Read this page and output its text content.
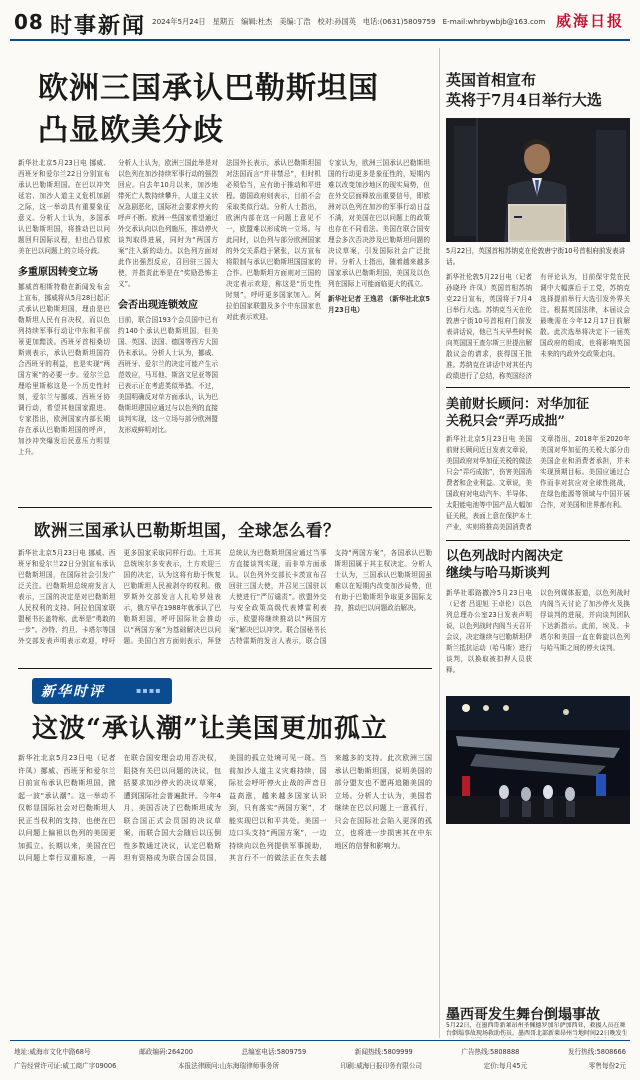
08 时事新闻 2024年5月24日 星期五 编辑:杜杰 美编:丁浩 校对:孙国英 电话:(0631)5809759 E-mail:whrbywbjb@163.com 威海日报
欧洲三国承认巴勒斯坦国
凸显欧美分歧
新华社北京5月23日电 挪威、西班牙和爱尔兰22日分别宣布承认巴勒斯坦国。在巴以冲突延宕、加沙人道主义危机加剧之际，这一举动具有重要象征意义。分析人士认为，多国承认巴勒斯坦国，将推动巴以问题回归国际议程，但也凸显欧美在巴以问题上的立场分歧。
多重原因转变立场
挪威首相斯特勒在新闻发布会上宣布，挪威将从5月28日起正式承认巴勒斯坦国，理由是巴勒斯坦人民有自决权，而以色列持续军事行动让中东和平前景更加黯淡。西班牙首相桑切斯则表示，承认巴勒斯坦国符合西班牙的利益，也是实现“两国方案”的必要一步。爱尔兰总理哈里斯称这是一个历史性时刻，爱尔兰与挪威、西班牙协调行动，希望其他国家跟进。专家指出，欧洲国家内部长期存在承认巴勒斯坦国的呼声，加沙冲突爆发后民意压力明显上升。
分析人士认为，欧洲三国此举是对以色列在加沙持续军事行动的强烈回应。自去年10月以来，加沙地带死亡人数持续攀升，人道主义状况急剧恶化，国际社会要求停火的呼声不断。欧洲一些国家希望通过外交承认向以色列施压，推动停火谈判取得进展，同时为“两国方案”注入新的动力。以色列方面对此作出强烈反应，召回驻三国大使，并指责此举是在“奖励恐怖主义”。
会否出现连锁效应
目前，联合国193个会员国中已有约140个承认巴勒斯坦国，但美国、英国、法国、德国等西方大国仍未承认。分析人士认为，挪威、西班牙、爱尔兰的决定可能产生示范效应，马耳他、斯洛文尼亚等国已表示正在考虑类似举措。不过，美国明确反对单方面承认，认为巴勒斯坦建国应通过与以色列的直接谈判实现，这一立场与部分欧洲盟友形成鲜明对比。
法国外长表示，承认巴勒斯坦国对法国而言“并非禁忌”，但时机必须恰当，应有助于推动和平进程。德国政府则表示，目前不会采取类似行动。分析人士指出，欧洲内部在这一问题上意见不一，欧盟难以形成统一立场。与此同时，以色列与部分欧洲国家的外交关系趋于紧张，以方宣布将限制与承认巴勒斯坦国国家的合作。巴勒斯坦方面则对三国的决定表示欢迎，称这是“历史性时刻”，呼吁更多国家加入。阿拉伯国家联盟及多个中东国家也对此表示欢迎。
专家认为，欧洲三国承认巴勒斯坦国的行动更多是象征性的，短期内难以改变加沙地区的现实局势，但在外交层面释放出重要信号，即欧洲对以色列在加沙的军事行动日益不满，对美国在巴以问题上的政策也存在不同看法。美国在联合国安理会多次否决涉及巴勒斯坦问题的决议草案，引发国际社会广泛批评。分析人士指出，随着越来越多国家承认巴勒斯坦国，美国及以色列在国际上可能面临更大的孤立。
新华社记者 王逸君 （新华社北京5月23日电）
英国首相宣布
英将于7月4日举行大选
5月22日，英国首相苏纳克在伦敦唐宁街10号首相府前发表讲话。
新华社伦敦5月22日电（记者 孙晓玲 许凤）英国首相苏纳克22日宣布，英国将于7月4日举行大选。苏纳克当天在伦敦唐宁街10号首相府门前发表讲话说，他已当天早些时候向英国国王查尔斯三世提出解散议会的请求，获得国王批准。苏纳克在讲话中对其任内政绩进行了总结，称英国经济
有评论认为，目前保守党在民调中大幅落后于工党，苏纳克选择提前举行大选引发外界关注。根据英国法律，本届议会最晚需在今年12月17日前解散。此次选举将决定下一届英国政府的组成，也将影响英国未来的内政外交政策走向。
欧洲三国承认巴勒斯坦国，全球怎么看？
新华社北京5月23日电 挪威、西班牙和爱尔兰22日分别宣布承认巴勒斯坦国，在国际社会引发广泛关注。巴勒斯坦总统府发言人表示，三国的决定是对巴勒斯坦人民权利的支持。阿拉伯国家联盟秘书长盖特称，此举是“勇敢的一步”。沙特、约旦、卡塔尔等国外交部发表声明表示欢迎，呼吁更多国家采取同样行动。土耳其总统埃尔多安表示，土方欢迎三国的决定，认为这将有助于恢复巴勒斯坦人民被剥夺的权利。俄罗斯外交部发言人扎哈罗娃表示，俄方早在1988年就承认了巴勒斯坦国，呼吁国际社会推动以“两国方案”为基础解决巴以问题。美国白宫方面则表示，拜登总统认为巴勒斯坦国应通过当事方直接谈判实现，而非单方面承认。以色列外交部长卡茨宣布召回驻三国大使，并召见三国驻以大使进行“严厉谴责”。欧盟外交与安全政策高级代表博雷利表示，欧盟将继续推动以“两国方案”解决巴以冲突。联合国秘书长古特雷斯的发言人表示，联合国支持“两国方案”，各国承认巴勒斯坦国属于其主权决定。分析人士认为，三国承认巴勒斯坦国虽难以在短期内改变加沙局势，但有助于巴勒斯坦争取更多国际支持，推动巴以问题政治解决。
新华时评	▪▪▪▪
这波“承认潮”让美国更加孤立
新华社北京5月23日电（记者 许凤）挪威、西班牙和爱尔兰日前宣布承认巴勒斯坦国，掀起一波“承认潮”。这一举动不仅彰显国际社会对巴勒斯坦人民正当权利的支持，也使在巴以问题上偏袒以色列的美国更加孤立。长期以来，美国在巴以问题上奉行双重标准，一再在联合国安理会动用否决权，阻挠有关巴以问题的决议，包括要求加沙停火的决议草案，遭到国际社会普遍批评。今年4月，美国否决了巴勒斯坦成为联合国正式会员国的决议草案，而联合国大会随后以压倒性多数通过决议，认定巴勒斯坦有资格成为联合国会员国，美国的孤立处境可见一斑。当前加沙人道主义灾难持续，国际社会呼吁停火止战的声音日益高涨，越来越多国家认识到，只有落实“两国方案”，才能实现巴以和平共处。美国一边口头支持“两国方案”，一边持续向以色列提供军事援助，其言行不一的做法正在失去越来越多的支持。此次欧洲三国承认巴勒斯坦国，说明美国的部分盟友也不愿再追随美国的立场。分析人士认为，美国若继续在巴以问题上一意孤行，只会在国际社会陷入更深的孤立，也将进一步损害其在中东地区的信誉和影响力。
美前财长顾问：对华加征
关税只会“弄巧成拙”
新华社北京5月23日电 美国前财长顾问近日发表文章说，美国政府对华加征关税的做法只会“弄巧成拙”，伤害美国消费者和企业利益。文章说，美国政府对电动汽车、半导体、太阳能电池等中国产品大幅加征关税，表面上意在保护本土产业，实则将推高美国消费者
文章指出，2018年至2020年美国对华加征的关税大部分由美国企业和消费者承担，并未实现预期目标。美国应通过合作而非对抗应对全球性挑战，在绿色能源等领域与中国开展合作，对美国和世界都有利。
以色列战时内阁决定
继续与哈马斯谈判
新华社耶路撒冷5月23日电（记者 吕迎旭 王卓伦）以色列总理办公室23日发表声明说，以色列战时内阁当天召开会议，决定继续与巴勒斯坦伊斯兰抵抗运动（哈马斯）进行谈判，以换取被扣押人员获释。
以色列媒体报道，以色列战时内阁当天讨论了加沙停火及换俘谈判的进展，并向谈判团队下达新指示。此前，埃及、卡塔尔和美国一直在斡旋以色列与哈马斯之间的停火谈判。
墨西哥发生舞台倒塌事故
5月22日，在墨西哥新莱昂州圣佩德罗加尔萨加西亚，救援人员在舞台倒塌事故现场救助伤员。墨西哥北部新莱昂州当地时间22日晚发生
地址:威海市文化中路68号	邮政编码:264200	总编室电话:5809759	新闻热线:5809999	广告热线:5808888	发行热线:5808666
广告经营许可证:威工商广字09006	本报法律顾问:山东海瑞律师事务所	印刷:威海日报印务有限公司	定价:每月45元	零售每份2元
